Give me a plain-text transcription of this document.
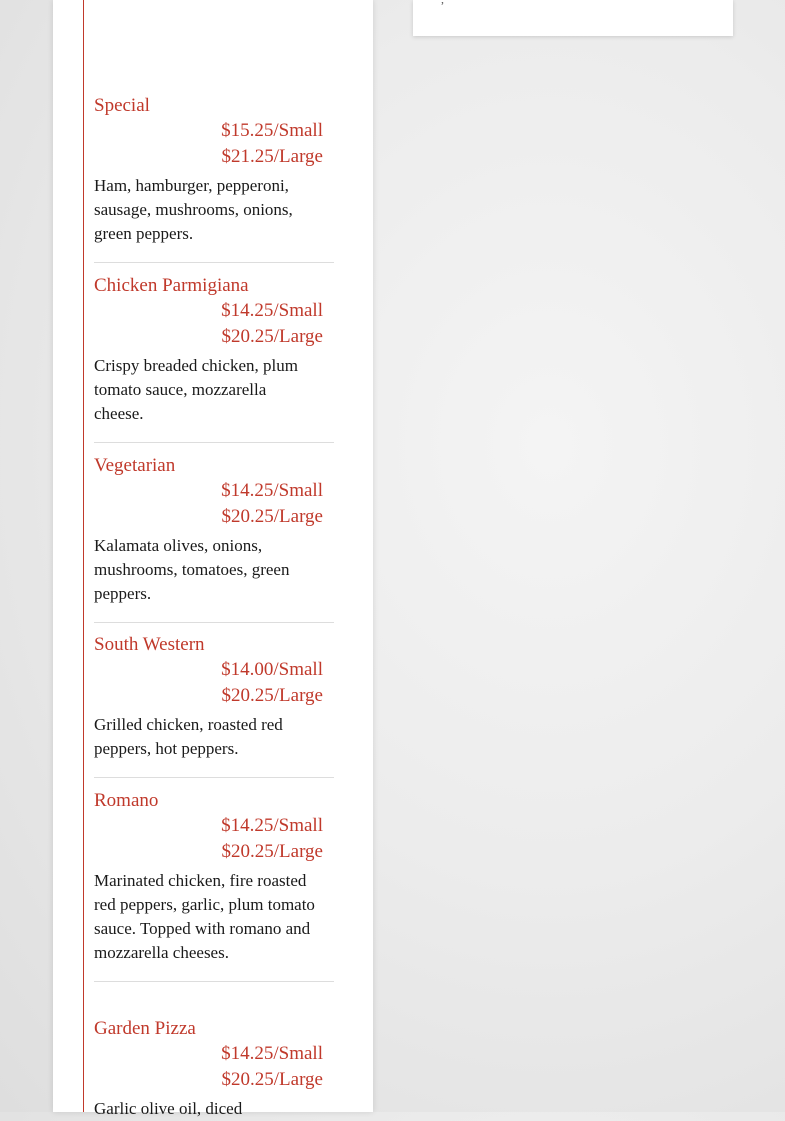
Special
$15.25/Small
$21.25/Large
Ham, hamburger, pepperoni, sausage, mushrooms, onions, green peppers.
Chicken Parmigiana
$14.25/Small
$20.25/Large
Crispy breaded chicken, plum tomato sauce, mozzarella cheese.
Vegetarian
$14.25/Small
$20.25/Large
Kalamata olives, onions, mushrooms, tomatoes, green peppers.
South Western
$14.00/Small
$20.25/Large
Grilled chicken, roasted red peppers, hot peppers.
Romano
$14.25/Small
$20.25/Large
Marinated chicken, fire roasted red peppers, garlic, plum tomato sauce. Topped with romano and mozzarella cheeses.
Garden Pizza
$14.25/Small
$20.25/Large
Garlic olive oil, diced
